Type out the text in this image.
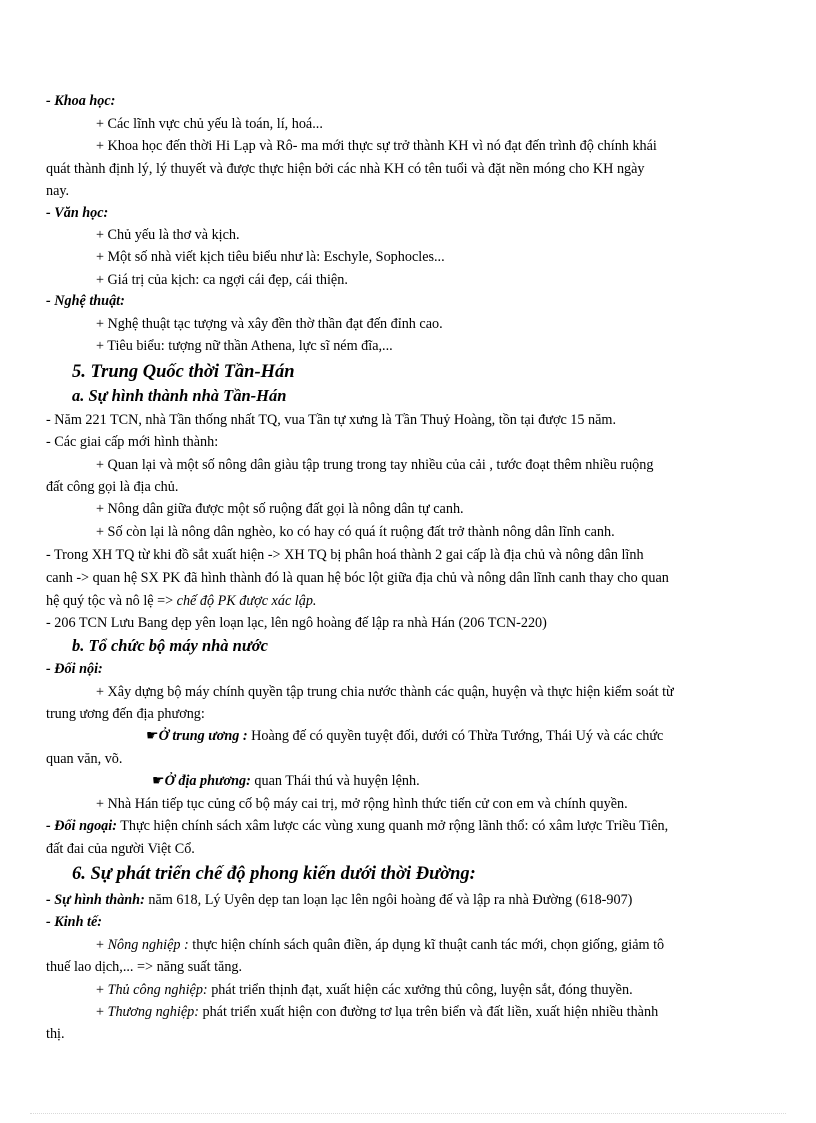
- Khoa học:
+ Các lĩnh vực chủ yếu là toán, lí, hoá...
+ Khoa học đến thời Hi Lạp và Rô- ma mới thực sự trở thành KH vì nó đạt đến trình độ chính khái
quát thành định lý, lý thuyết và được thực hiện bởi các nhà KH có tên tuổi và đặt nền móng cho KH ngày
nay.
- Văn học:
+ Chủ yếu là thơ và kịch.
+ Một số nhà viết kịch tiêu biểu như là: Eschyle, Sophocles...
+ Giá trị của kịch: ca ngợi cái đẹp, cái thiện.
- Nghệ thuật:
+ Nghệ thuật tạc tượng và xây đền thờ thần đạt đến đỉnh cao.
+ Tiêu biểu: tượng nữ thần Athena, lực sĩ ném đĩa,...
5. Trung Quốc thời Tần-Hán
a. Sự hình thành nhà Tần-Hán
- Năm 221 TCN, nhà Tần thống nhất TQ, vua Tần tự xưng là Tần Thuỷ Hoàng, tồn tại được 15 năm.
- Các giai cấp mới hình thành:
+ Quan lại và một số nông dân giàu tập trung trong tay nhiều của cải , tước đoạt thêm nhiều ruộng
đất công gọi là địa chủ.
+ Nông dân giữa được một số ruộng đất gọi là nông dân tự canh.
+ Số còn lại là nông dân nghèo, ko có hay có quá ít ruộng đất trở thành nông dân lĩnh canh.
- Trong XH TQ từ khi đồ sắt xuất hiện -> XH TQ bị phân hoá thành 2 gai cấp là địa chủ và nông dân lĩnh
canh -> quan hệ SX PK đã hình thành đó là quan hệ bóc lột giữa địa chủ và nông dân lĩnh canh thay cho quan
hệ quý tộc và nô lệ => chế độ PK được xác lập.
- 206 TCN Lưu Bang dẹp yên loạn lạc, lên ngô hoàng đế lập ra nhà Hán (206 TCN-220)
b. Tổ chức bộ máy nhà nước
- Đối nội:
+ Xây dựng bộ máy chính quyền tập trung chia nước thành các quận, huyện và thực hiện kiểm soát từ
trung ương đến địa phương:
☛Ở trung ương : Hoàng đế có quyền tuyệt đối, dưới có Thừa Tướng, Thái Uý và các chức
quan văn, võ.
☛Ở địa phương: quan Thái thú và huyện lệnh.
+ Nhà Hán tiếp tục củng cố bộ máy cai trị, mở rộng hình thức tiến cử con em và chính quyền.
- Đối ngoại: Thực hiện chính sách xâm lược các vùng xung quanh mở rộng lãnh thổ: có xâm lược Triều Tiên,
đất đai của người Việt Cổ.
6. Sự phát triển chế độ phong kiến dưới thời Đường:
- Sự hình thành: năm 618, Lý Uyên dẹp tan loạn lạc lên ngôi hoàng đế và lập ra nhà Đường (618-907)
- Kinh tế:
+ Nông nghiệp : thực hiện chính sách quân điền, áp dụng kĩ thuật canh tác mới, chọn giống, giảm tô
thuế lao dịch,... => năng suất tăng.
+ Thủ công nghiệp: phát triển thịnh đạt, xuất hiện các xưởng thủ công, luyện sắt, đóng thuyền.
+ Thương nghiệp: phát triển xuất hiện con đường tơ lụa trên biển và đất liền, xuất hiện nhiều thành
thị.
